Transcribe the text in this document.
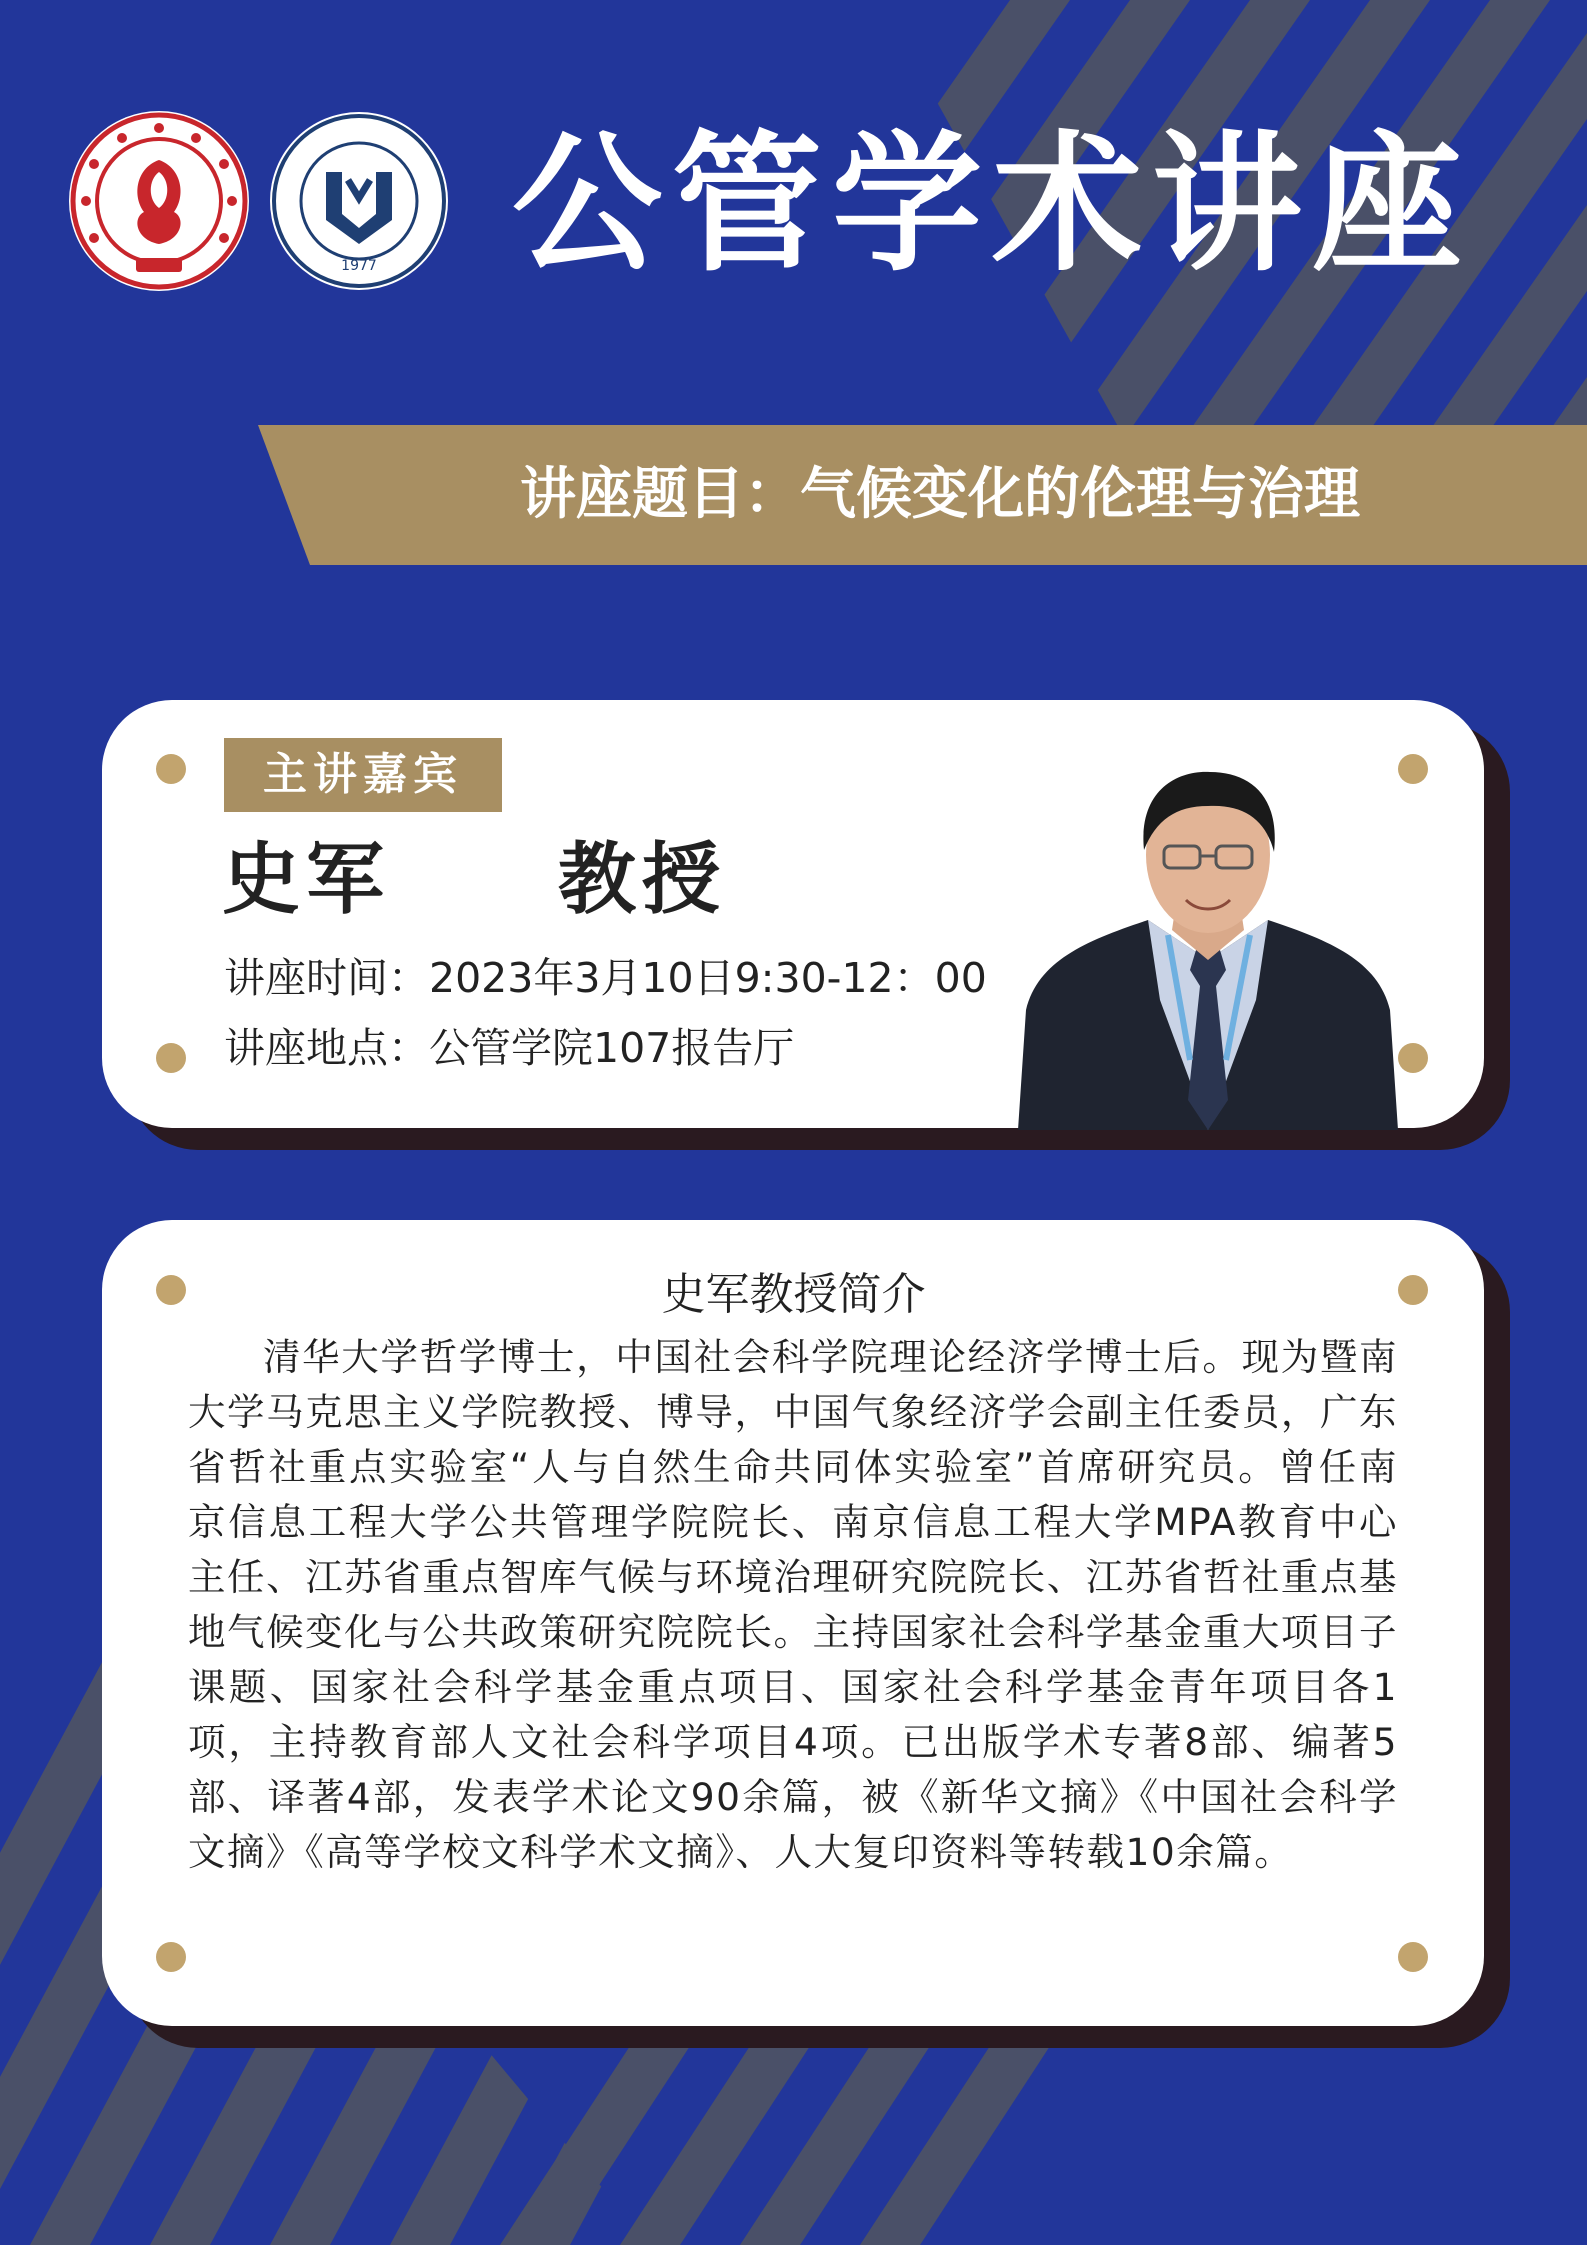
1977 公管学术讲座
讲座题目：气候变化的伦理与治理
主讲嘉宾
史军　　教授
讲座时间：2023年3月10日9:30-12：00
讲座地点：公管学院107报告厅
史军教授简介
清华大学哲学博士，中国社会科学院理论经济学博士后。现为暨南大学马克思主义学院教授、博导，中国气象经济学会副主任委员，广东省哲社重点实验室“人与自然生命共同体实验室”首席研究员。曾任南京信息工程大学公共管理学院院长、南京信息工程大学MPA教育中心主任、江苏省重点智库气候与环境治理研究院院长、江苏省哲社重点基地气候变化与公共政策研究院院长。主持国家社会科学基金重大项目子课题、国家社会科学基金重点项目、国家社会科学基金青年项目各1项，主持教育部人文社会科学项目4项。已出版学术专著8部、编著5部、译著4部，发表学术论文90余篇，被《新华文摘》《中国社会科学文摘》《高等学校文科学术文摘》、人大复印资料等转载10余篇。
